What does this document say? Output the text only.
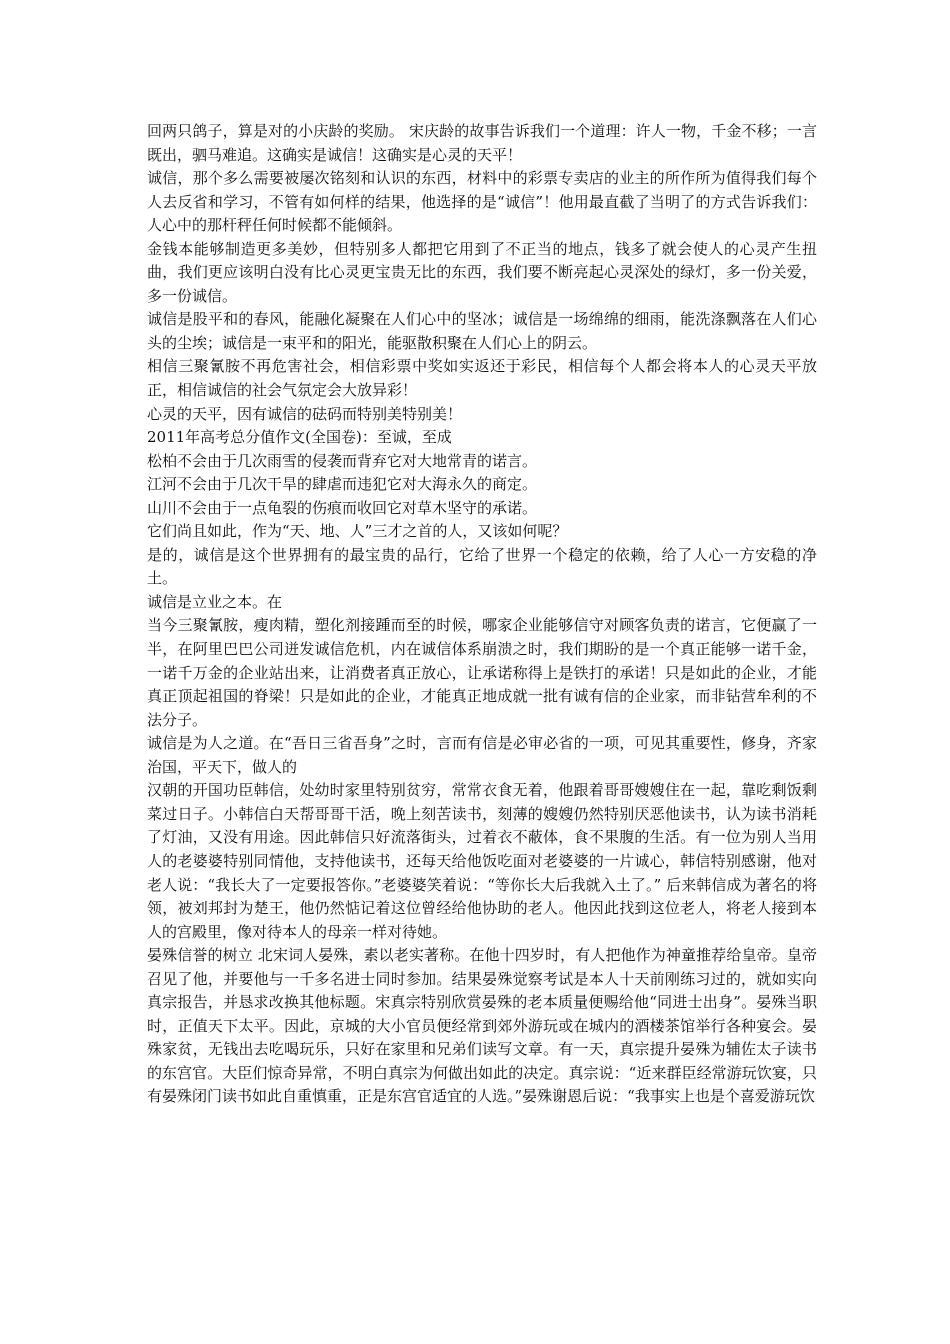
回两只鸽子，算是对的小庆龄的奖励。 宋庆龄的故事告诉我们一个道理：许人一物，千金不移；一言既出，驷马难追。这确实是诚信！这确实是心灵的天平！

诚信，那个多么需要被屡次铭刻和认识的东西，材料中的彩票专卖店的业主的所作所为值得我们每个人去反省和学习，不管有如何样的结果，他选择的是“诚信”！他用最直截了当明了的方式告诉我们：人心中的那杆秤任何时候都不能倾斜。

金钱本能够制造更多美妙，但特别多人都把它用到了不正当的地点，钱多了就会使人的心灵产生扭曲，我们更应该明白没有比心灵更宝贵无比的东西，我们要不断亮起心灵深处的绿灯，多一份关爱，多一份诚信。

诚信是股平和的春风，能融化凝聚在人们心中的坚冰；诚信是一场绵绵的细雨，能洗涤飘落在人们心头的尘埃；诚信是一束平和的阳光，能驱散积聚在人们心上的阴云。

相信三聚氰胺不再危害社会，相信彩票中奖如实返还于彩民，相信每个人都会将本人的心灵天平放正，相信诚信的社会气氛定会大放异彩！

心灵的天平，因有诚信的砝码而特别美特别美！

2011年高考总分值作文(全国卷)：至诚，至成

松柏不会由于几次雨雪的侵袭而背弃它对大地常青的诺言。

江河不会由于几次干旱的肆虐而违犯它对大海永久的商定。

山川不会由于一点龟裂的伤痕而收回它对草木坚守的承诺。

它们尚且如此，作为“天、地、人”三才之首的人，又该如何呢？

是的，诚信是这个世界拥有的最宝贵的品行，它给了世界一个稳定的依赖，给了人心一方安稳的净土。

诚信是立业之本。在

当今三聚氰胺，瘦肉精，塑化剂接踵而至的时候，哪家企业能够信守对顾客负责的诺言，它便赢了一半，在阿里巴巴公司迸发诚信危机，内在诚信体系崩溃之时，我们期盼的是一个真正能够一诺千金，一诺千万金的企业站出来，让消费者真正放心，让承诺称得上是铁打的承诺！只是如此的企业，才能真正顶起祖国的脊梁！只是如此的企业，才能真正地成就一批有诚有信的企业家，而非钻营牟利的不法分子。

诚信是为人之道。在“吾日三省吾身”之时，言而有信是必审必省的一项，可见其重要性，修身，齐家治国，平天下，做人的

汉朝的开国功臣韩信，处幼时家里特别贫穷，常常衣食无着，他跟着哥哥嫂嫂住在一起，靠吃剩饭剩菜过日子。小韩信白天帮哥哥干活，晚上刻苦读书，刻薄的嫂嫂仍然特别厌恶他读书，认为读书消耗了灯油，又没有用途。因此韩信只好流落街头，过着衣不蔽体，食不果腹的生活。有一位为别人当用人的老婆婆特别同情他，支持他读书，还每天给他饭吃面对老婆婆的一片诚心，韩信特别感谢，他对老人说：“我长大了一定要报答你。”老婆婆笑着说：“等你长大后我就入土了。” 后来韩信成为著名的将领，被刘邦封为楚王，他仍然惦记着这位曾经给他协助的老人。他因此找到这位老人，将老人接到本人的宫殿里，像对待本人的母亲一样对待她。

晏殊信誉的树立 北宋词人晏殊，素以老实著称。在他十四岁时，有人把他作为神童推荐给皇帝。皇帝召见了他，并要他与一千多名进士同时参加。结果晏殊觉察考试是本人十天前刚练习过的，就如实向真宗报告，并恳求改换其他标题。宋真宗特别欣赏晏殊的老本质量便赐给他“同进士出身”。晏殊当职时，正值天下太平。因此，京城的大小官员便经常到郊外游玩或在城内的酒楼茶馆举行各种宴会。晏殊家贫，无钱出去吃喝玩乐，只好在家里和兄弟们读写文章。有一天，真宗提升晏殊为辅佐太子读书的东宫官。大臣们惊奇异常，不明白真宗为何做出如此的决定。真宗说：“近来群臣经常游玩饮宴，只有晏殊闭门读书如此自重慎重，正是东宫官适宜的人选。”晏殊谢恩后说：“我事实上也是个喜爱游玩饮
